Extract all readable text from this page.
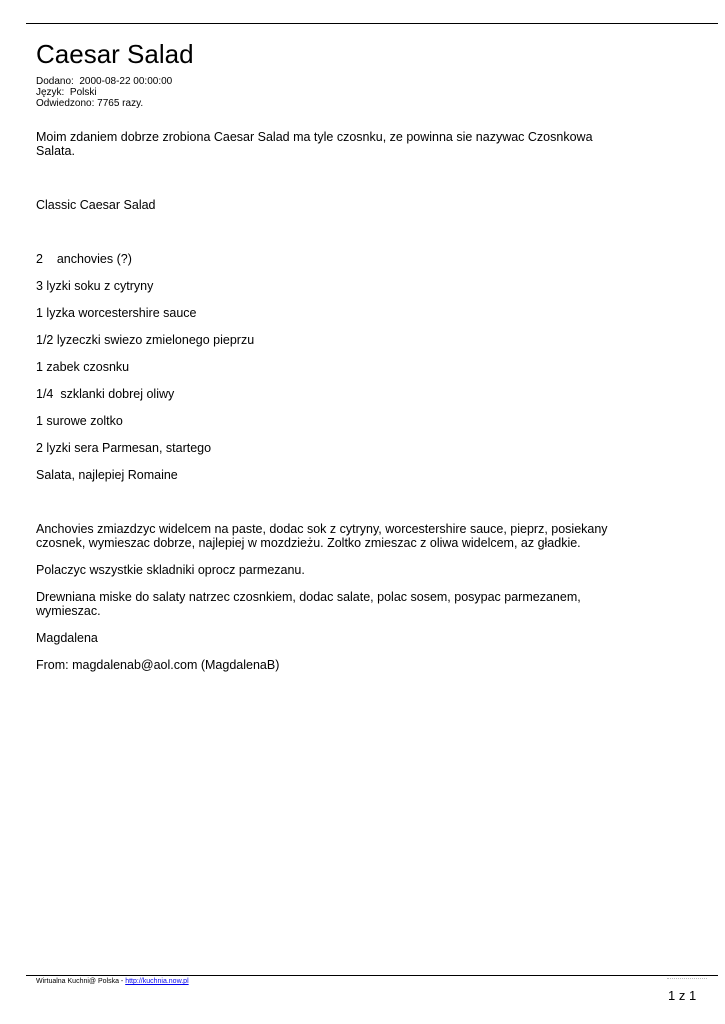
Caesar Salad
Dodano:  2000-08-22 00:00:00
Język:  Polski
Odwiedzono: 7765 razy.

Moim zdaniem dobrze zrobiona Caesar Salad ma tyle czosnku, ze powinna sie nazywac Czosnkowa Salata.

Classic Caesar Salad

2    anchovies (?)

3 lyzki soku z cytryny

1 lyzka worcestershire sauce

1/2 lyzeczki swiezo zmielonego pieprzu

1 zabek czosnku

1/4  szklanki dobrej oliwy

1 surowe zoltko

2 lyzki sera Parmesan, startego

Salata, najlepiej Romaine

Anchovies zmiazdzyc widelcem na paste, dodac sok z cytryny, worcestershire sauce, pieprz, posiekany czosnek, wymieszac dobrze, najlepiej w mozdzieżu. Zoltko zmieszac z oliwa widelcem, az gładkie.

Polaczyc wszystkie skladniki oprocz parmezanu.

Drewniana miske do salaty natrzec czosnkiem, dodac salate, polac sosem, posypac parmezanem, wymieszac.

Magdalena

From: magdalenab@aol.com (MagdalenaB)

Wirtualna Kuchni@ Polska - http://kuchnia.now.pl
1 z 1
